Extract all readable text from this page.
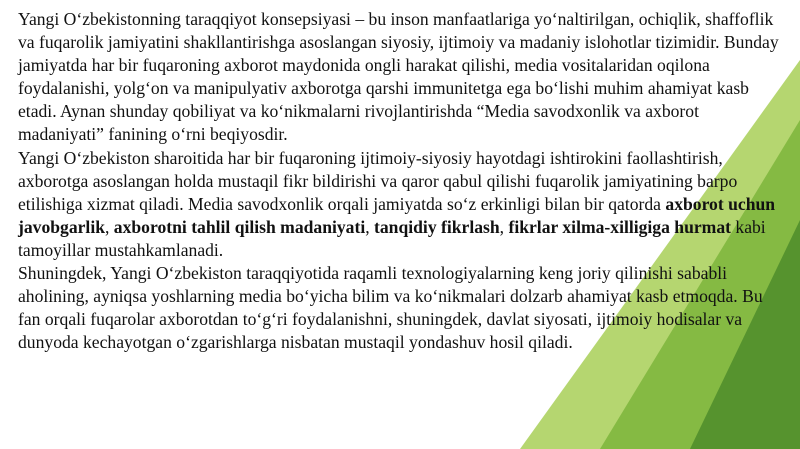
Yangi O‘zbekistonning taraqqiyot konsepsiyasi – bu inson manfaatlariga yo‘naltirilgan, ochiqlik, shaffoflik va fuqarolik jamiyatini shakllantirishga asoslangan siyosiy, ijtimoiy va madaniy islohotlar tizimidir. Bunday jamiyatda har bir fuqaroning axborot maydonida ongli harakat qilishi, media vositalaridan oqilona foydalanishi, yolg‘on va manipulyativ axborotga qarshi immunitetga ega bo‘lishi muhim ahamiyat kasb etadi. Aynan shunday qobiliyat va ko‘nikmalarni rivojlantirishda “Media savodxonlik va axborot madaniyati” fanining o‘rni beqiyosdir.

Yangi O‘zbekiston sharoitida har bir fuqaroning ijtimoiy-siyosiy hayotdagi ishtirokini faollashtirish, axborotga asoslangan holda mustaqil fikr bildirishi va qaror qabul qilishi fuqarolik jamiyatining barpo etilishiga xizmat qiladi. Media savodxonlik orqali jamiyatda so‘z erkinligi bilan bir qatorda axborot uchun javobgarlik, axborotni tahlil qilish madaniyati, tanqidiy fikrlash, fikrlar xilma-xilligiga hurmat kabi tamoyillar mustahkamlanadi.

Shuningdek, Yangi O‘zbekiston taraqqiyotida raqamli texnologiyalarning keng joriy qilinishi sababli aholining, ayniqsa yoshlarning media bo‘yicha bilim va ko‘nikmalari dolzarb ahamiyat kasb etmoqda. Bu fan orqali fuqarolar axborotdan to‘g‘ri foydalanishni, shuningdek, davlat siyosati, ijtimoiy hodisalar va dunyoda kechayotgan o‘zgarishlarga nisbatan mustaqil yondashuv hosil qiladi.
